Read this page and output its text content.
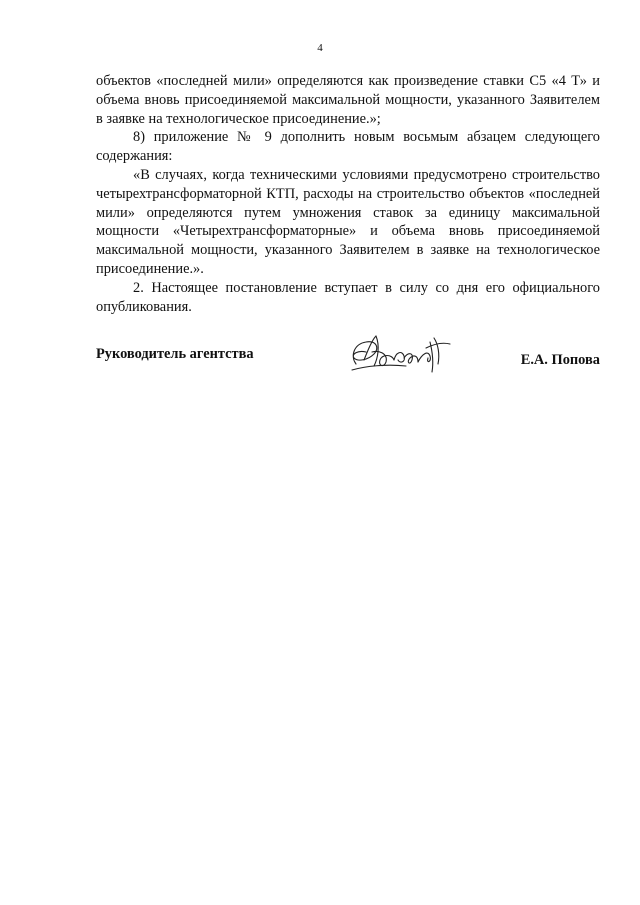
4

объектов «последней мили» определяются как произведение ставки С5 «4 Т» и объема вновь присоединяемой максимальной мощности, указанного Заявителем в заявке на технологическое присоединение.»;

8) приложение № 9 дополнить новым восьмым абзацем следующего содержания:

«В случаях, когда техническими условиями предусмотрено строительство четырехтрансформаторной КТП, расходы на строительство объектов «последней мили» определяются путем умножения ставок за единицу максимальной мощности «Четырехтрансформаторные» и объема вновь присоединяемой максимальной мощности, указанного Заявителем в заявке на технологическое присоединение.».

2. Настоящее постановление вступает в силу со дня его официального опубликования.

Руководитель агентства	Е.А. Попова
